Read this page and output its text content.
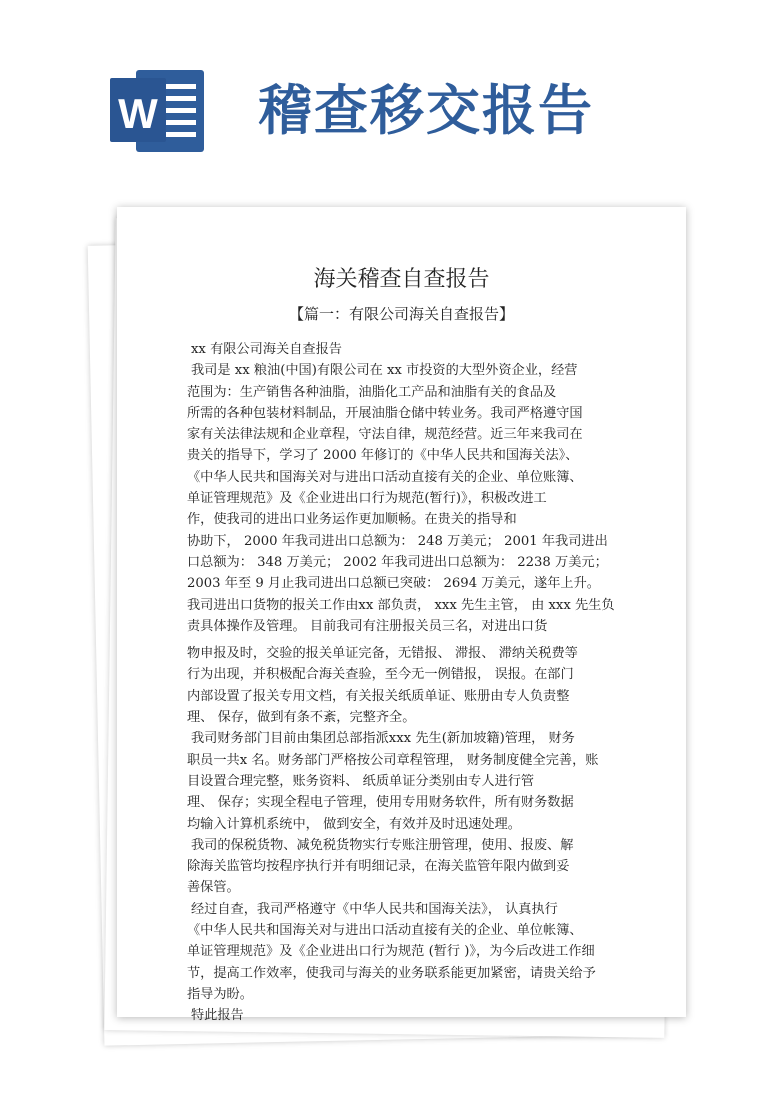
W 稽查移交报告
海关稽查自查报告
【篇一：有限公司海关自查报告】
xx 有限公司海关自查报告
我司是 xx 粮油(中国)有限公司在 xx 市投资的大型外资企业，经营
范围为：生产销售各种油脂，油脂化工产品和油脂有关的食品及
所需的各种包装材料制品，开展油脂仓储中转业务。我司严格遵守国
家有关法律法规和企业章程，守法自律，规范经营。近三年来我司在
贵关的指导下，学习了 2000 年修订的《中华人民共和国海关法》、
《中华人民共和国海关对与进出口活动直接有关的企业、单位账簿、
单证管理规范》及《企业进出口行为规范(暂行)》，积极改进工
作，使我司的进出口业务运作更加顺畅。在贵关的指导和
协助下， 2000 年我司进出口总额为： 248 万美元； 2001 年我司进出
口总额为： 348 万美元； 2002 年我司进出口总额为： 2238 万美元；
2003 年至 9 月止我司进出口总额已突破： 2694 万美元，遂年上升。
我司进出口货物的报关工作由xx 部负责， xxx 先生主管， 由 xxx 先生负
责具体操作及管理。 目前我司有注册报关员三名，对进出口货
物申报及时，交验的报关单证完备，无错报、 滞报、 滞纳关税费等
行为出现，并积极配合海关查验，至今无一例错报， 误报。在部门
内部设置了报关专用文档，有关报关纸质单证、账册由专人负责整
理、 保存，做到有条不紊，完整齐全。
我司财务部门目前由集团总部指派xxx 先生(新加坡籍)管理， 财务
职员一共x 名。财务部门严格按公司章程管理， 财务制度健全完善，账
目设置合理完整，账务资料、 纸质单证分类别由专人进行管
理、 保存；实现全程电子管理，使用专用财务软件，所有财务数据
均输入计算机系统中， 做到安全，有效并及时迅速处理。
我司的保税货物、减免税货物实行专账注册管理，使用、报废、解
除海关监管均按程序执行并有明细记录，在海关监管年限内做到妥
善保管。
经过自查，我司严格遵守《中华人民共和国海关法》， 认真执行
《中华人民共和国海关对与进出口活动直接有关的企业、单位帐簿、
单证管理规范》及《企业进出口行为规范 (暂行 )》，为今后改进工作细
节，提高工作效率，使我司与海关的业务联系能更加紧密，请贵关给予
指导为盼。
特此报告
